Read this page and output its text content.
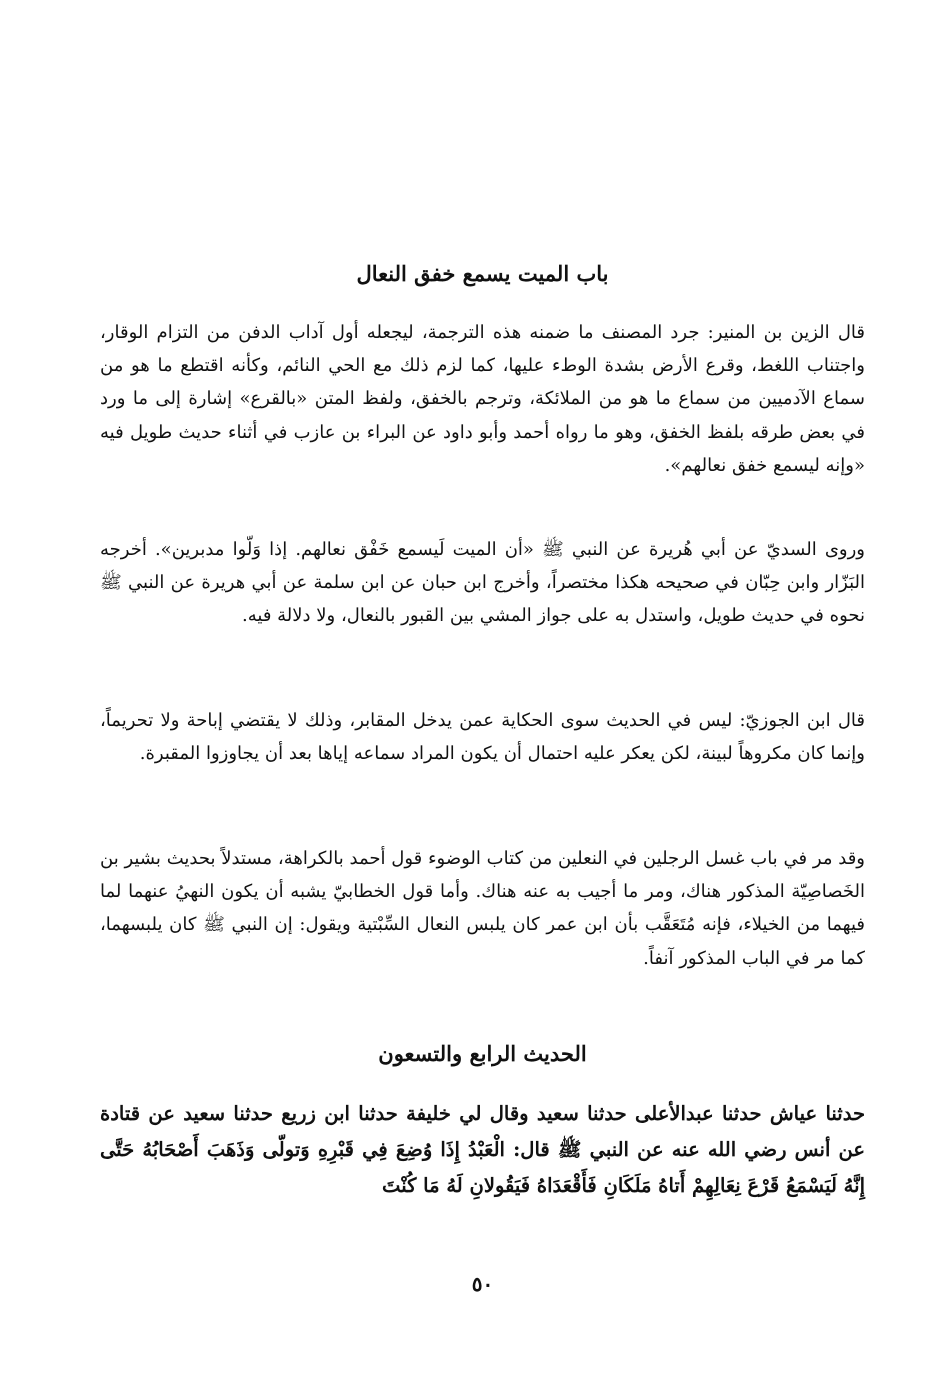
باب الميت يسمع خفق النعال

قال الزين بن المنير: جرد المصنف ما ضمنه هذه الترجمة، ليجعله أول آداب الدفن من التزام الوقار، واجتناب اللغط، وقرع الأرض بشدة الوطء عليها، كما لزم ذلك مع الحي النائم، وكأنه اقتطع ما هو من سماع الآدميين من سماع ما هو من الملائكة، وترجم بالخفق، ولفظ المتن «بالقرع» إشارة إلى ما ورد في بعض طرقه بلفظ الخفق، وهو ما رواه أحمد وأبو داود عن البراء بن عازب في أثناء حديث طويل فيه «وإنه ليسمع خفق نعالهم».

وروى السديّ عن أبي هُريرة عن النبي ﷺ «أن الميت لَيسمع خَفْق نعالهم. إذا وَلّوا مدبرين». أخرجه البَزّار وابن حِبّان في صحيحه هكذا مختصراً، وأخرج ابن حبان عن ابن سلمة عن أبي هريرة عن النبي ﷺ نحوه في حديث طويل، واستدل به على جواز المشي بين القبور بالنعال، ولا دلالة فيه.

قال ابن الجوزيّ: ليس في الحديث سوى الحكاية عمن يدخل المقابر، وذلك لا يقتضي إباحة ولا تحريماً، وإنما كان مكروهاً لبينة، لكن يعكر عليه احتمال أن يكون المراد سماعه إياها بعد أن يجاوزوا المقبرة.

وقد مر في باب غسل الرجلين في النعلين من كتاب الوضوء قول أحمد بالكراهة، مستدلاً بحديث بشير بن الخَصاصِيّة المذكور هناك، ومر ما أجيب به عنه هناك. وأما قول الخطابيّ يشبه أن يكون النهيُ عنهما لما فيهما من الخيلاء، فإنه مُتَعَقَّب بأن ابن عمر كان يلبس النعال السِّبْتية ويقول: إن النبي ﷺ كان يلبسهما، كما مر في الباب المذكور آنفاً.

الحديث الرابع والتسعون

حدثنا عياش حدثنا عبدالأعلى حدثنا سعيد وقال لي خليفة حدثنا ابن زريع حدثنا سعيد عن قتادة عن أنس رضي الله عنه عن النبي ﷺ قال: الْعَبْدُ إِذَا وُضِعَ فِي قَبْرِهِ وَتولّى وَذَهَبَ أَصْحَابُهُ حَتَّى إِنَّهُ لَيَسْمَعُ قَرْعَ نِعَالِهِمْ أَتاهُ مَلَكَانِ فَأَقْعَدَاهُ فَيَقُولانِ لَهُ مَا كُنْتَ

٥٠
